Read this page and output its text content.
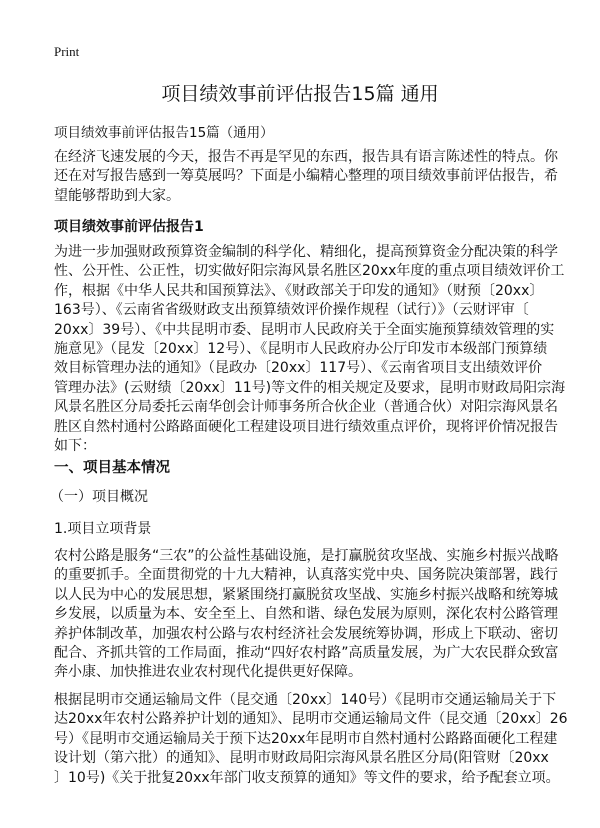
Print
项目绩效事前评估报告15篇 通用
项目绩效事前评估报告15篇（通用）
在经济飞速发展的今天，报告不再是罕见的东西，报告具有语言陈述性的特点。你
还在对写报告感到一筹莫展吗？下面是小编精心整理的项目绩效事前评估报告，希
望能够帮助到大家。
项目绩效事前评估报告1
为进一步加强财政预算资金编制的科学化、精细化，提高预算资金分配决策的科学
性、公开性、公正性，切实做好阳宗海风景名胜区20xx年度的重点项目绩效评价工
作，根据《中华人民共和国预算法》、《财政部关于印发的通知》（财预〔20xx〕
163号）、《云南省省级财政支出预算绩效评价操作规程（试行）》（云财评审〔
20xx〕39号）、《中共昆明市委、昆明市人民政府关于全面实施预算绩效管理的实
施意见》（昆发〔20xx〕12号）、《昆明市人民政府办公厅印发市本级部门预算绩
效目标管理办法的通知》（昆政办〔20xx〕117号）、《云南省项目支出绩效评价
管理办法》(云财绩〔20xx〕11号)等文件的相关规定及要求，昆明市财政局阳宗海
风景名胜区分局委托云南华创会计师事务所合伙企业（普通合伙）对阳宗海风景名
胜区自然村通村公路路面硬化工程建设项目进行绩效重点评价，现将评价情况报告
如下：
一、项目基本情况
（一）项目概况
1.项目立项背景
农村公路是服务“三农”的公益性基础设施，是打赢脱贫攻坚战、实施乡村振兴战略
的重要抓手。全面贯彻党的十九大精神，认真落实党中央、国务院决策部署，践行
以人民为中心的发展思想，紧紧围绕打赢脱贫攻坚战、实施乡村振兴战略和统筹城
乡发展，以质量为本、安全至上、自然和谐、绿色发展为原则，深化农村公路管理
养护体制改革，加强农村公路与农村经济社会发展统筹协调，形成上下联动、密切
配合、齐抓共管的工作局面，推动“四好农村路”高质量发展，为广大农民群众致富
奔小康、加快推进农业农村现代化提供更好保障。
根据昆明市交通运输局文件（昆交通〔20xx〕140号）《昆明市交通运输局关于下
达20xx年农村公路养护计划的通知》、昆明市交通运输局文件（昆交通〔20xx〕26
号）《昆明市交通运输局关于预下达20xx年昆明市自然村通村公路路面硬化工程建
设计划（第六批）的通知》、昆明市财政局阳宗海风景名胜区分局(阳管财〔20xx
〕10号)《关于批复20xx年部门收支预算的通知》等文件的要求，给予配套立项。
